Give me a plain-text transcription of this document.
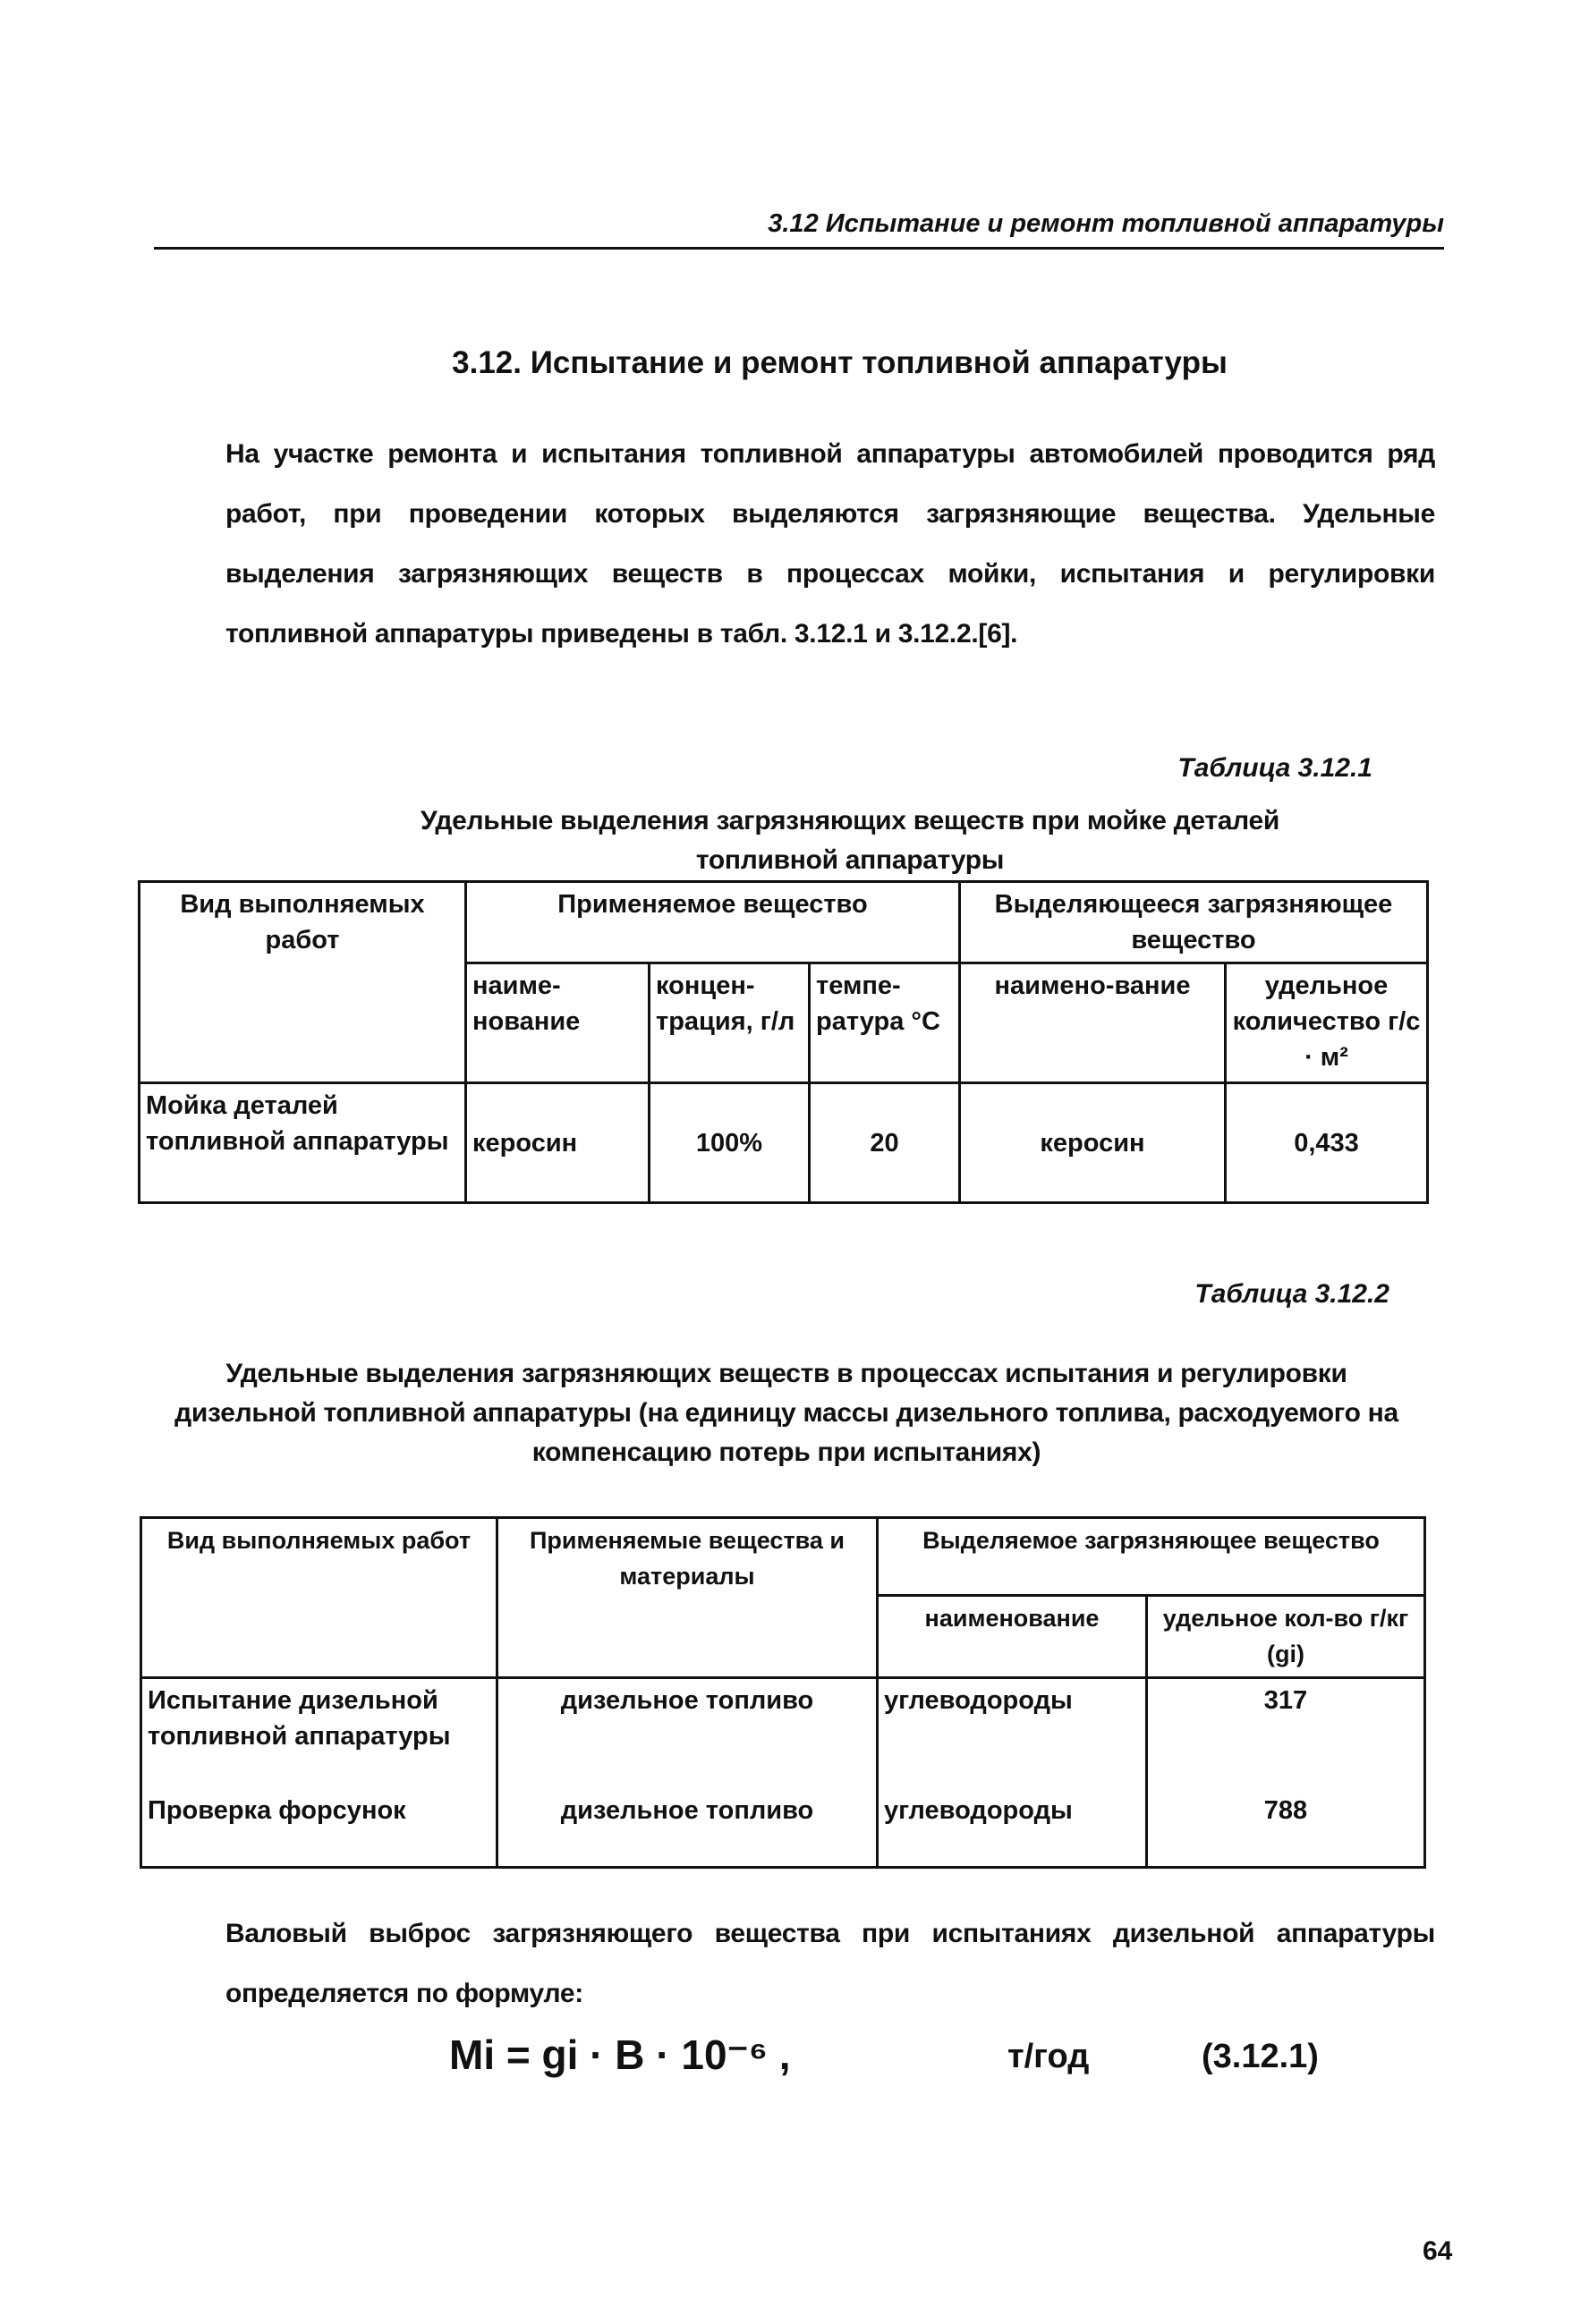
3.12 Испытание и ремонт топливной аппаратуры
3.12. Испытание и ремонт топливной аппаратуры

На участке ремонта и испытания топливной аппаратуры автомобилей проводится ряд работ, при проведении которых выделяются загрязняющие вещества. Удельные выделения загрязняющих веществ в процессах мойки, испытания и регулировки топливной аппаратуры приведены в табл. 3.12.1 и 3.12.2.[6].

Таблица 3.12.1
Удельные выделения загрязняющих веществ при мойке деталей
топливной аппаратуры
Вид выполняемых работ	Применяемое вещество			Выделяющееся загрязняющее вещество	
	наиме-нование	концен-трация, г/л	темпе-ратура °С	наимено-вание	удельное количество г/с · м²
Мойка деталей топливной аппаратуры	керосин	100%	20	керосин	0,433
Таблица 3.12.2
Удельные выделения загрязняющих веществ в процессах испытания и регулировки дизельной топливной аппаратуры (на единицу массы дизельного топлива, расходуемого на компенсацию потерь при испытаниях)
Вид выполняемых работ	Применяемые вещества и материалы	Выделяемое загрязняющее вещество	
		наименование	удельное кол-во г/кг (gi)
Испытание дизельной топливной аппаратуры	дизельное топливо	углеводороды	317
Проверка форсунок	дизельное топливо	углеводороды	788

Валовый выброс загрязняющего вещества при испытаниях дизельной аппаратуры определяется по формуле:

Mi = gi · B · 10⁻⁶ ,	т/год	(3.12.1)
64
